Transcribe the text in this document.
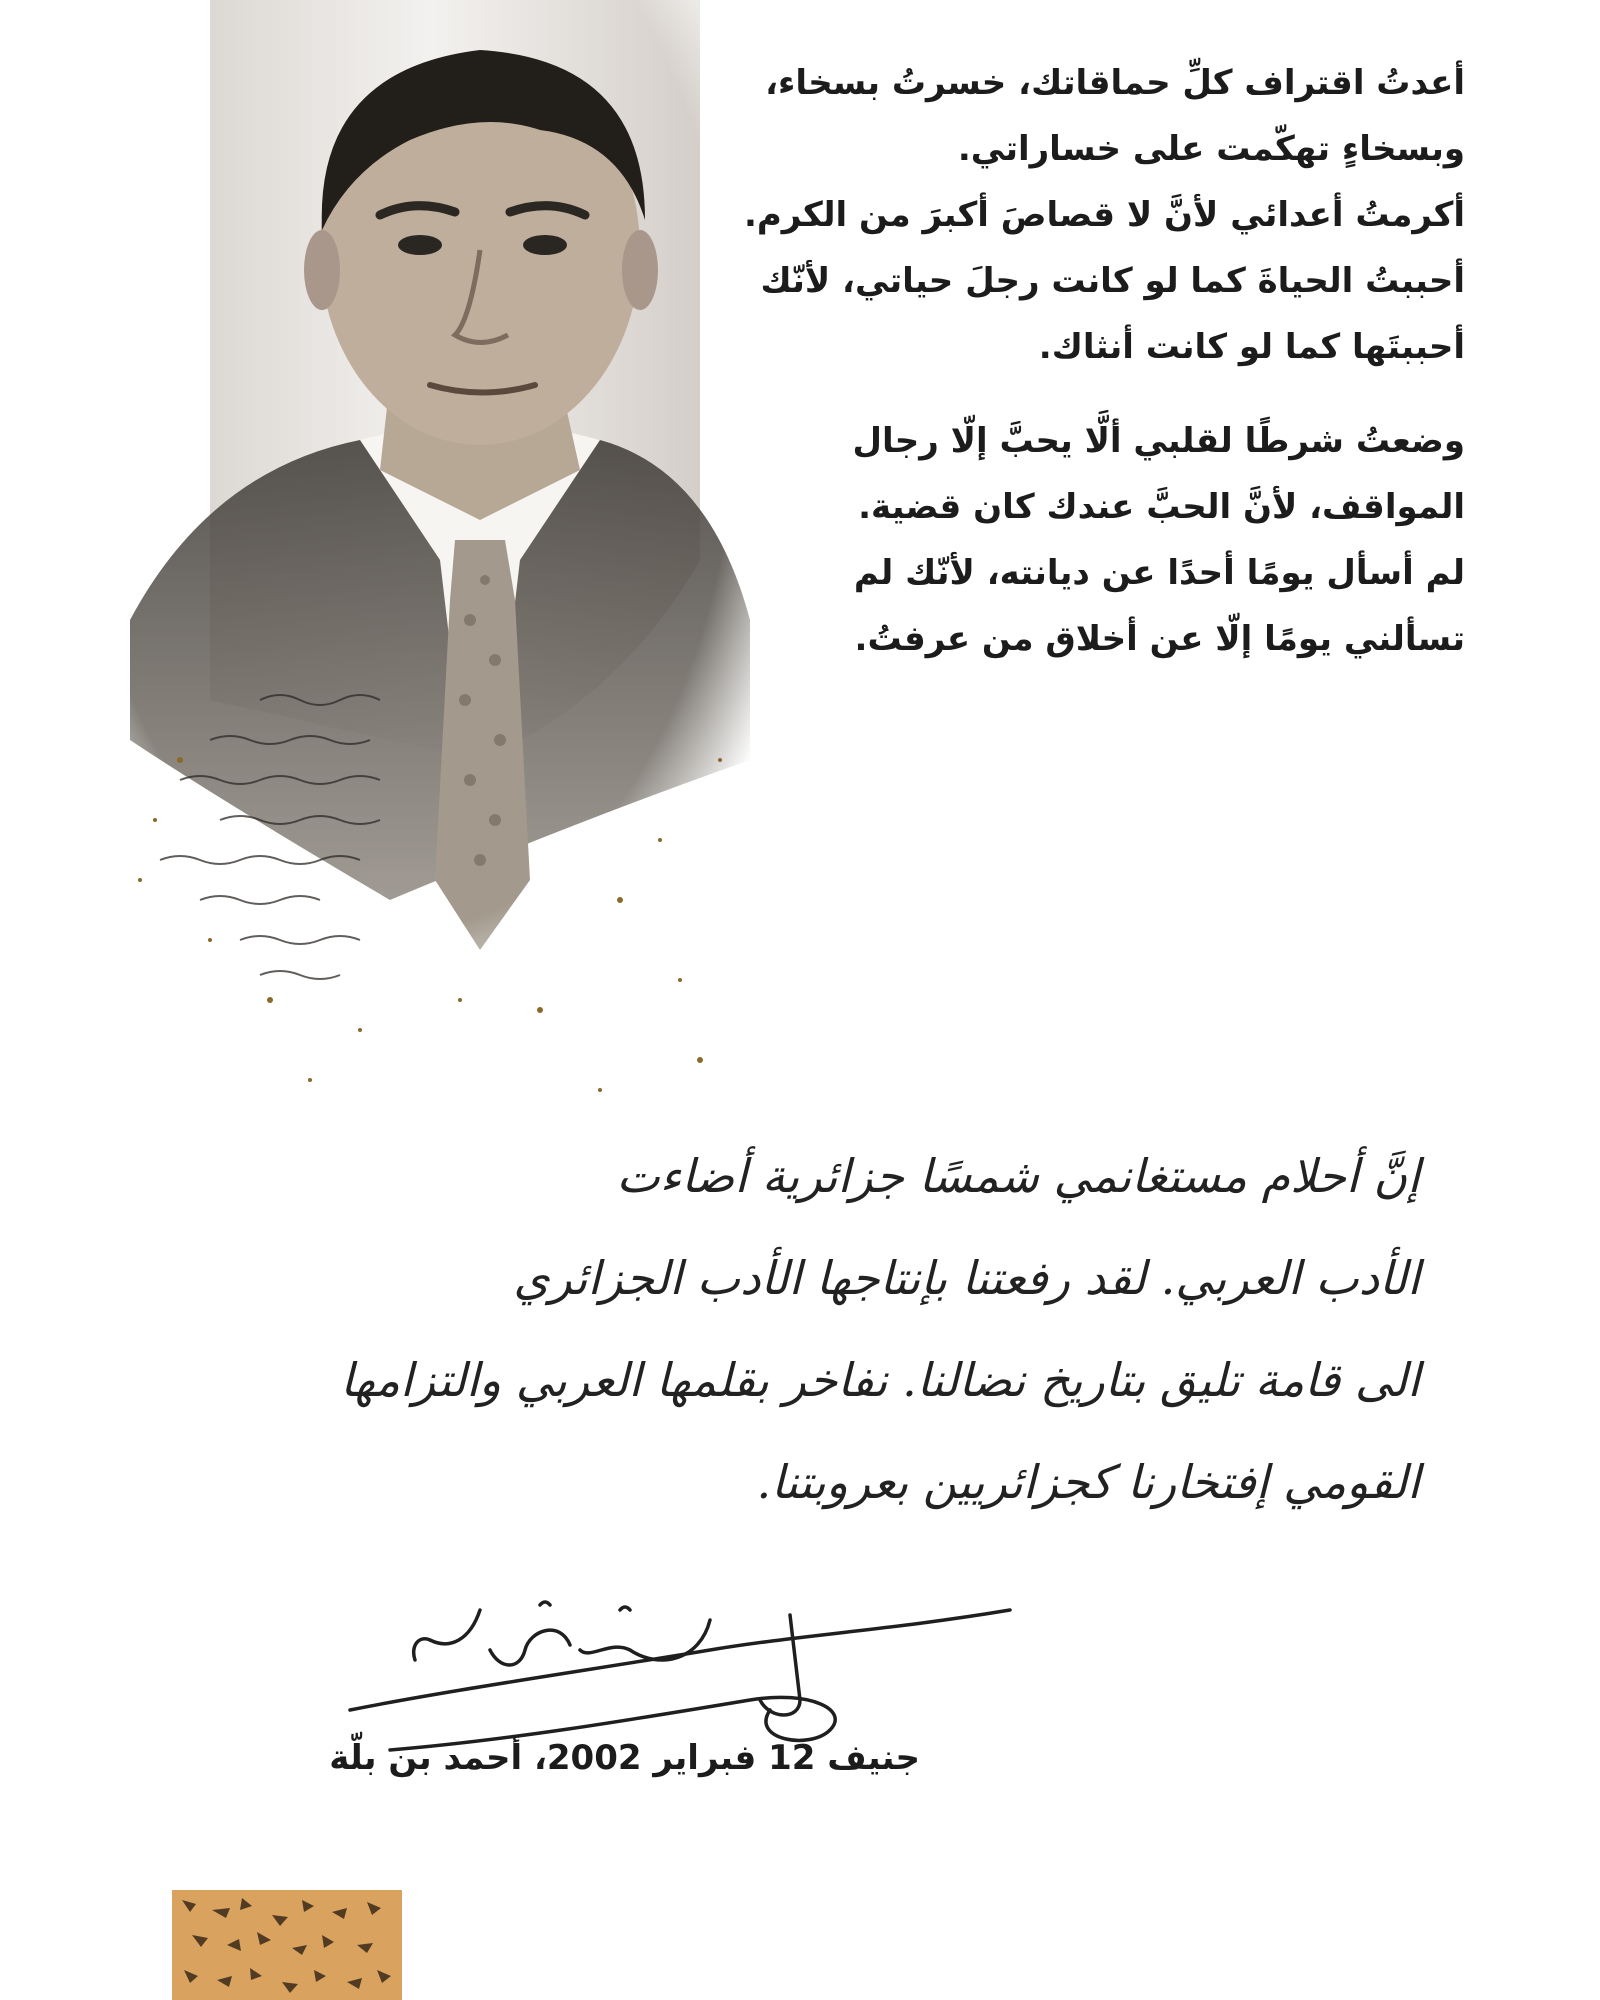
أعدتُ اقتراف كلِّ حماقاتك، خسرتُ بسخاء،
وبسخاءٍ تهكّمت على خساراتي.
أكرمتُ أعدائي لأنَّ لا قصاصَ أكبرَ من الكرم.
أحببتُ الحياةَ كما لو كانت رجلَ حياتي، لأنّك
أحببتَها كما لو كانت أنثاك.
وضعتُ شرطًا لقلبي ألَّا يحبَّ إلّا رجال
المواقف، لأنَّ الحبَّ عندك كان قضية.
لم أسأل يومًا أحدًا عن ديانته، لأنّك لم
تسألني يومًا إلّا عن أخلاق من عرفتُ.
إنَّ أحلام مستغانمي شمسًا جزائرية أضاءت
الأدب العربي. لقد رفعتنا بإنتاجها الأدب الجزائري
الى قامة تليق بتاريخ نضالنا. نفاخر بقلمها العربي والتزامها
القومي إفتخارنا كجزائريين بعروبتنا.
جنيف 12 فبراير 2002، أحمد بن بلّة
